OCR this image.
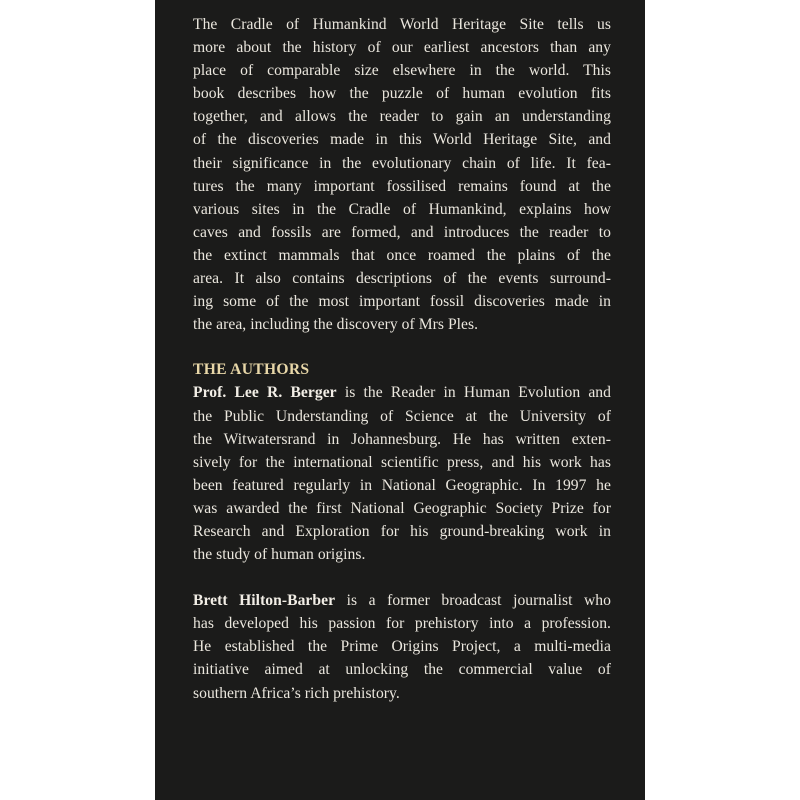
The Cradle of Humankind World Heritage Site tells us
more about the history of our earliest ancestors than any
place of comparable size elsewhere in the world. This
book describes how the puzzle of human evolution fits
together, and allows the reader to gain an understanding
of the discoveries made in this World Heritage Site, and
their significance in the evolutionary chain of life. It fea-
tures the many important fossilised remains found at the
various sites in the Cradle of Humankind, explains how
caves and fossils are formed, and introduces the reader to
the extinct mammals that once roamed the plains of the
area. It also contains descriptions of the events surround-
ing some of the most important fossil discoveries made in
the area, including the discovery of Mrs Ples.
THE AUTHORS
Prof. Lee R. Berger is the Reader in Human Evolution and
the Public Understanding of Science at the University of
the Witwatersrand in Johannesburg. He has written exten-
sively for the international scientific press, and his work has
been featured regularly in National Geographic. In 1997 he
was awarded the first National Geographic Society Prize for
Research and Exploration for his ground-breaking work in
the study of human origins.
Brett Hilton-Barber is a former broadcast journalist who
has developed his passion for prehistory into a profession.
He established the Prime Origins Project, a multi-media
initiative aimed at unlocking the commercial value of
southern Africa’s rich prehistory.
